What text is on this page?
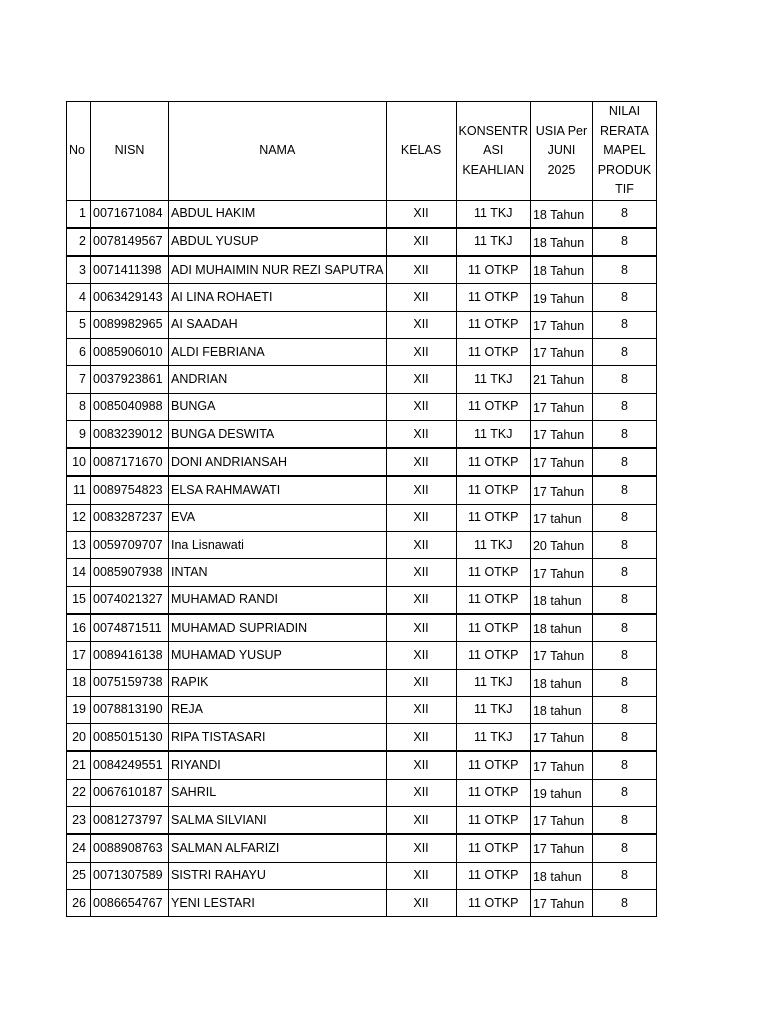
No	NISN	NAMA	KELAS	KONSENTR ASI KEAHLIAN	USIA Per JUNI 2025	NILAI RERATA MAPEL PRODUK TIF
1	0071671084	ABDUL HAKIM	XII	11 TKJ	18 Tahun	8
2	0078149567	ABDUL YUSUP	XII	11 TKJ	18 Tahun	8
3	0071411398	ADI MUHAIMIN NUR REZI SAPUTRA	XII	11 OTKP	18 Tahun	8
4	0063429143	AI LINA ROHAETI	XII	11 OTKP	19 Tahun	8
5	0089982965	AI SAADAH	XII	11 OTKP	17 Tahun	8
6	0085906010	ALDI FEBRIANA	XII	11 OTKP	17 Tahun	8
7	0037923861	ANDRIAN	XII	11 TKJ	21 Tahun	8
8	0085040988	BUNGA	XII	11 OTKP	17 Tahun	8
9	0083239012	BUNGA DESWITA	XII	11 TKJ	17 Tahun	8
10	0087171670	DONI ANDRIANSAH	XII	11 OTKP	17 Tahun	8
11	0089754823	ELSA RAHMAWATI	XII	11 OTKP	17 Tahun	8
12	0083287237	EVA	XII	11 OTKP	17 tahun	8
13	0059709707	Ina Lisnawati	XII	11 TKJ	20 Tahun	8
14	0085907938	INTAN	XII	11 OTKP	17 Tahun	8
15	0074021327	MUHAMAD RANDI	XII	11 OTKP	18 tahun	8
16	0074871511	MUHAMAD SUPRIADIN	XII	11 OTKP	18 tahun	8
17	0089416138	MUHAMAD YUSUP	XII	11 OTKP	17 Tahun	8
18	0075159738	RAPIK	XII	11 TKJ	18 tahun	8
19	0078813190	REJA	XII	11 TKJ	18 tahun	8
20	0085015130	RIPA TISTASARI	XII	11 TKJ	17 Tahun	8
21	0084249551	RIYANDI	XII	11 OTKP	17 Tahun	8
22	0067610187	SAHRIL	XII	11 OTKP	19 tahun	8
23	0081273797	SALMA SILVIANI	XII	11 OTKP	17 Tahun	8
24	0088908763	SALMAN ALFARIZI	XII	11 OTKP	17 Tahun	8
25	0071307589	SISTRI RAHAYU	XII	11 OTKP	18 tahun	8
26	0086654767	YENI LESTARI	XII	11 OTKP	17 Tahun	8
